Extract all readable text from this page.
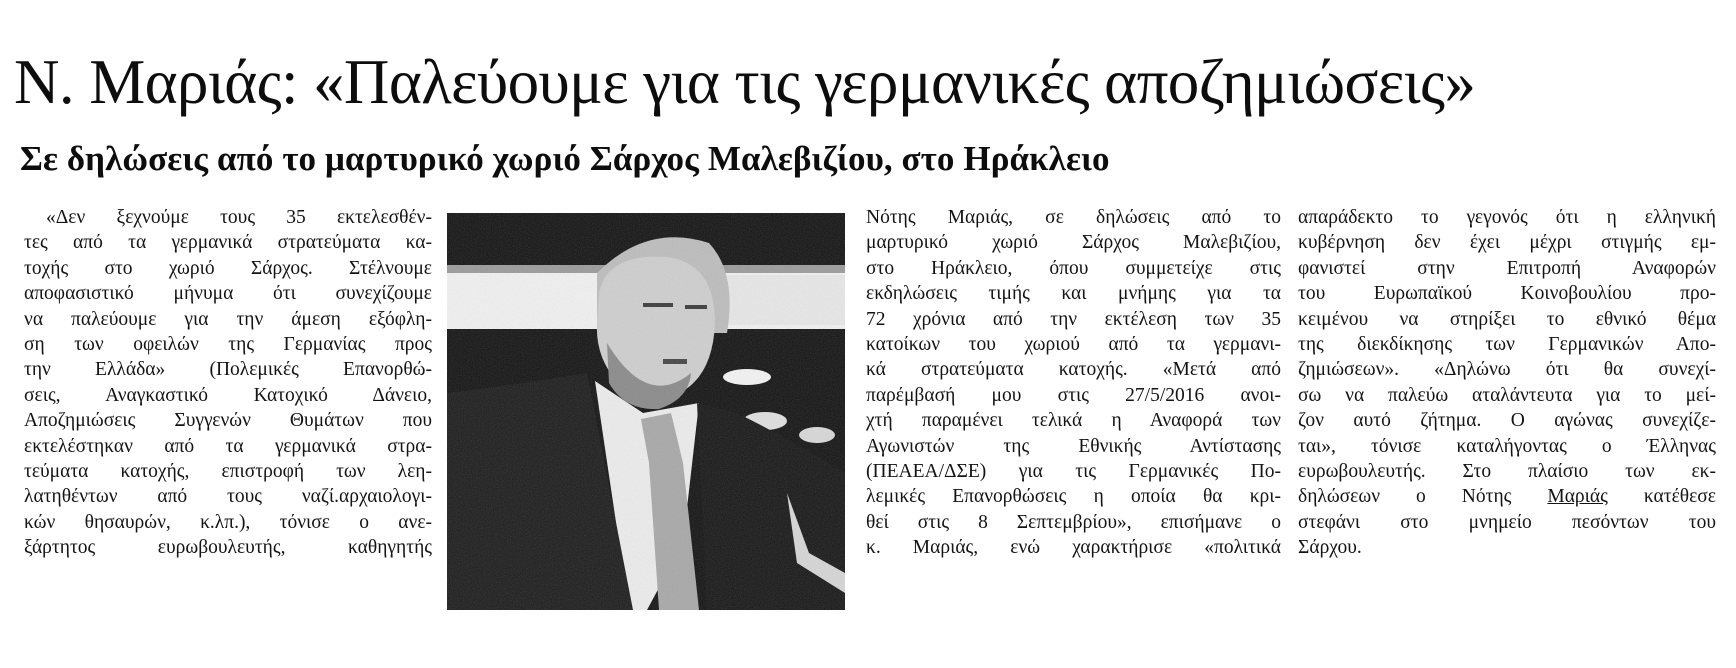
Ν. Μαριάς: «Παλεύουμε για τις γερμανικές αποζημιώσεις»
Σε δηλώσεις από το μαρτυρικό χωριό Σάρχος Μαλεβιζίου, στο Ηράκλειο
«Δεν ξεχνούμε τους 35 εκτελεσθέν-
τες από τα γερμανικά στρατεύματα κα-
τοχής στο χωριό Σάρχος. Στέλνουμε
αποφασιστικό μήνυμα ότι συνεχίζουμε
να παλεύουμε για την άμεση εξόφλη-
ση των οφειλών της Γερμανίας προς
την Ελλάδα» (Πολεμικές Επανορθώ-
σεις, Αναγκαστικό Κατοχικό Δάνειο,
Αποζημιώσεις Συγγενών Θυμάτων που
εκτελέστηκαν από τα γερμανικά στρα-
τεύματα κατοχής, επιστροφή των λεη-
λατηθέντων από τους ναζί.αρχαιολογι-
κών θησαυρών, κ.λπ.), τόνισε ο ανε-
ξάρτητος ευρωβουλευτής, καθηγητής
Νότης Μαριάς, σε δηλώσεις από το
μαρτυρικό χωριό Σάρχος Μαλεβιζίου,
στο Ηράκλειο, όπου συμμετείχε στις
εκδηλώσεις τιμής και μνήμης για τα
72 χρόνια από την εκτέλεση των 35
κατοίκων του χωριού από τα γερμανι-
κά στρατεύματα κατοχής. «Μετά από
παρέμβασή μου στις 27/5/2016 ανοι-
χτή παραμένει τελικά η Αναφορά των
Αγωνιστών της Εθνικής Αντίστασης
(ΠΕΑΕΑ/ΔΣΕ) για τις Γερμανικές Πο-
λεμικές Επανορθώσεις η οποία θα κρι-
θεί στις 8 Σεπτεμβρίου», επισήμανε ο
κ. Μαριάς, ενώ χαρακτήρισε «πολιτικά
απαράδεκτο το γεγονός ότι η ελληνική
κυβέρνηση δεν έχει μέχρι στιγμής εμ-
φανιστεί στην Επιτροπή Αναφορών
του Ευρωπαϊκού Κοινοβουλίου προ-
κειμένου να στηρίξει το εθνικό θέμα
της διεκδίκησης των Γερμανικών Απο-
ζημιώσεων». «Δηλώνω ότι θα συνεχί-
σω να παλεύω αταλάντευτα για το μεί-
ζον αυτό ζήτημα. Ο αγώνας συνεχίζε-
ται», τόνισε καταλήγοντας ο Έλληνας
ευρωβουλευτής. Στο πλαίσιο των εκ-
δηλώσεων ο Νότης Μαριάς κατέθεσε
στεφάνι στο μνημείο πεσόντων του
Σάρχου.
